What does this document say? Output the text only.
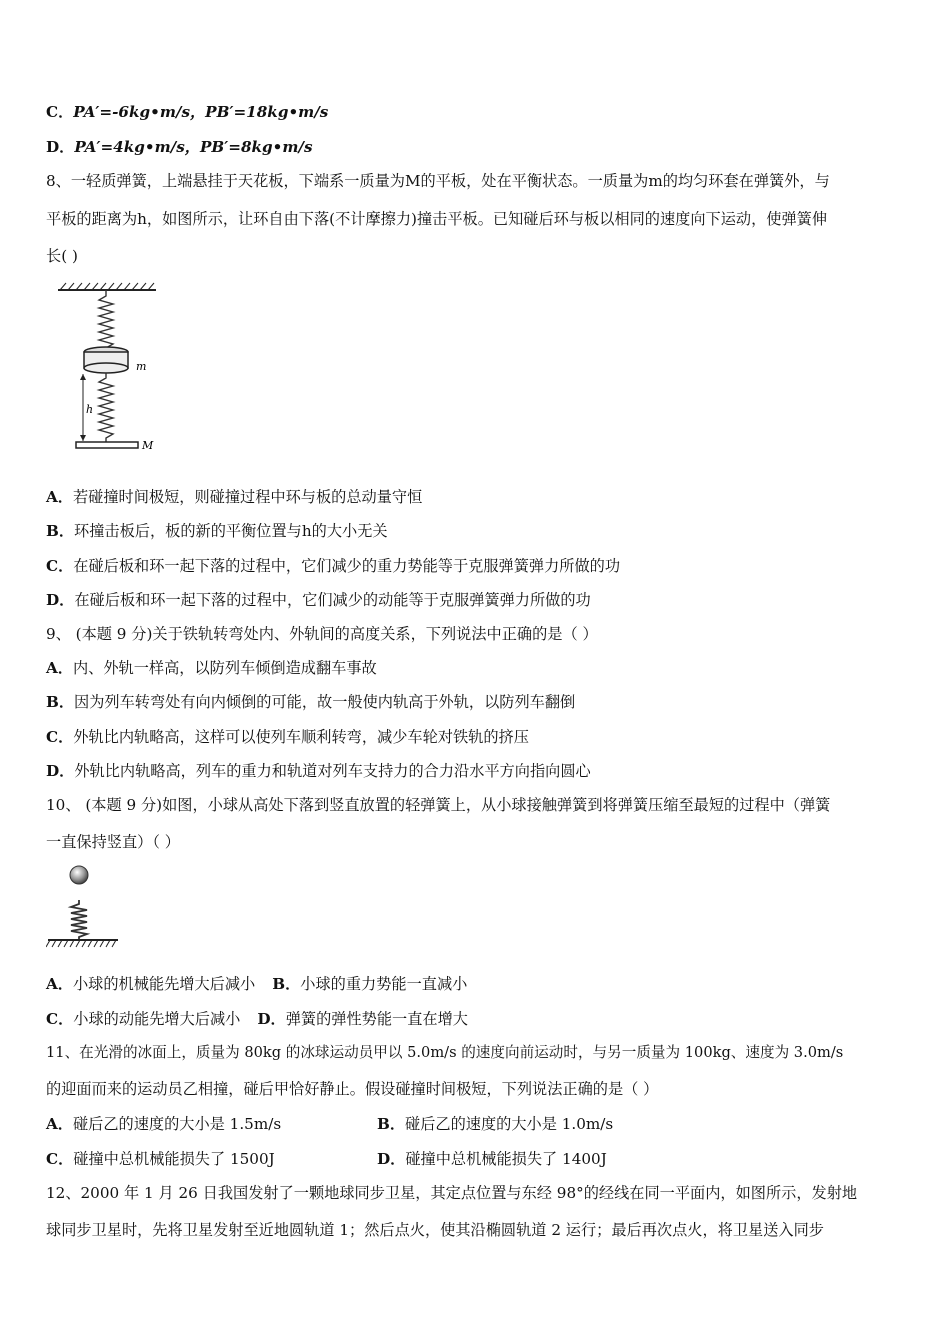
C．PA′=-6kg•m/s，PB′=18kg•m/s
D．PA′=4kg•m/s，PB′=8kg•m/s
8、一轻质弹簧，上端悬挂于天花板，下端系一质量为M的平板，处在平衡状态。一质量为m的均匀环套在弹簧外，与
平板的距离为h，如图所示，让环自由下落(不计摩擦力)撞击平板。已知碰后环与板以相同的速度向下运动，使弹簧伸
长( )
m
h
M
A．若碰撞时间极短，则碰撞过程中环与板的总动量守恒
B．环撞击板后，板的新的平衡位置与h的大小无关
C．在碰后板和环一起下落的过程中，它们减少的重力势能等于克服弹簧弹力所做的功
D．在碰后板和环一起下落的过程中，它们减少的动能等于克服弹簧弹力所做的功
9、 (本题 9 分)关于铁轨转弯处内、外轨间的高度关系，下列说法中正确的是（ ）
A．内、外轨一样高，以防列车倾倒造成翻车事故
B．因为列车转弯处有向内倾倒的可能，故一般使内轨高于外轨，以防列车翻倒
C．外轨比内轨略高，这样可以使列车顺利转弯，减少车轮对铁轨的挤压
D．外轨比内轨略高，列车的重力和轨道对列车支持力的合力沿水平方向指向圆心
10、 (本题 9 分)如图，小球从高处下落到竖直放置的轻弹簧上，从小球接触弹簧到将弹簧压缩至最短的过程中（弹簧
一直保持竖直）（ ）
A．小球的机械能先增大后减小 B．小球的重力势能一直减小
C．小球的动能先增大后减小 D．弹簧的弹性势能一直在增大
11、在光滑的冰面上，质量为 80kg 的冰球运动员甲以 5.0m/s 的速度向前运动时，与另一质量为 100kg、速度为 3.0m/s
的迎面而来的运动员乙相撞，碰后甲恰好静止。假设碰撞时间极短，下列说法正确的是（ ）
A．碰后乙的速度的大小是 1.5m/s	B．碰后乙的速度的大小是 1.0m/s
C．碰撞中总机械能损失了 1500J	D．碰撞中总机械能损失了 1400J
12、2000 年 1 月 26 日我国发射了一颗地球同步卫星，其定点位置与东经 98°的经线在同一平面内，如图所示，发射地
球同步卫星时，先将卫星发射至近地圆轨道 1；然后点火，使其沿椭圆轨道 2 运行；最后再次点火，将卫星送入同步
